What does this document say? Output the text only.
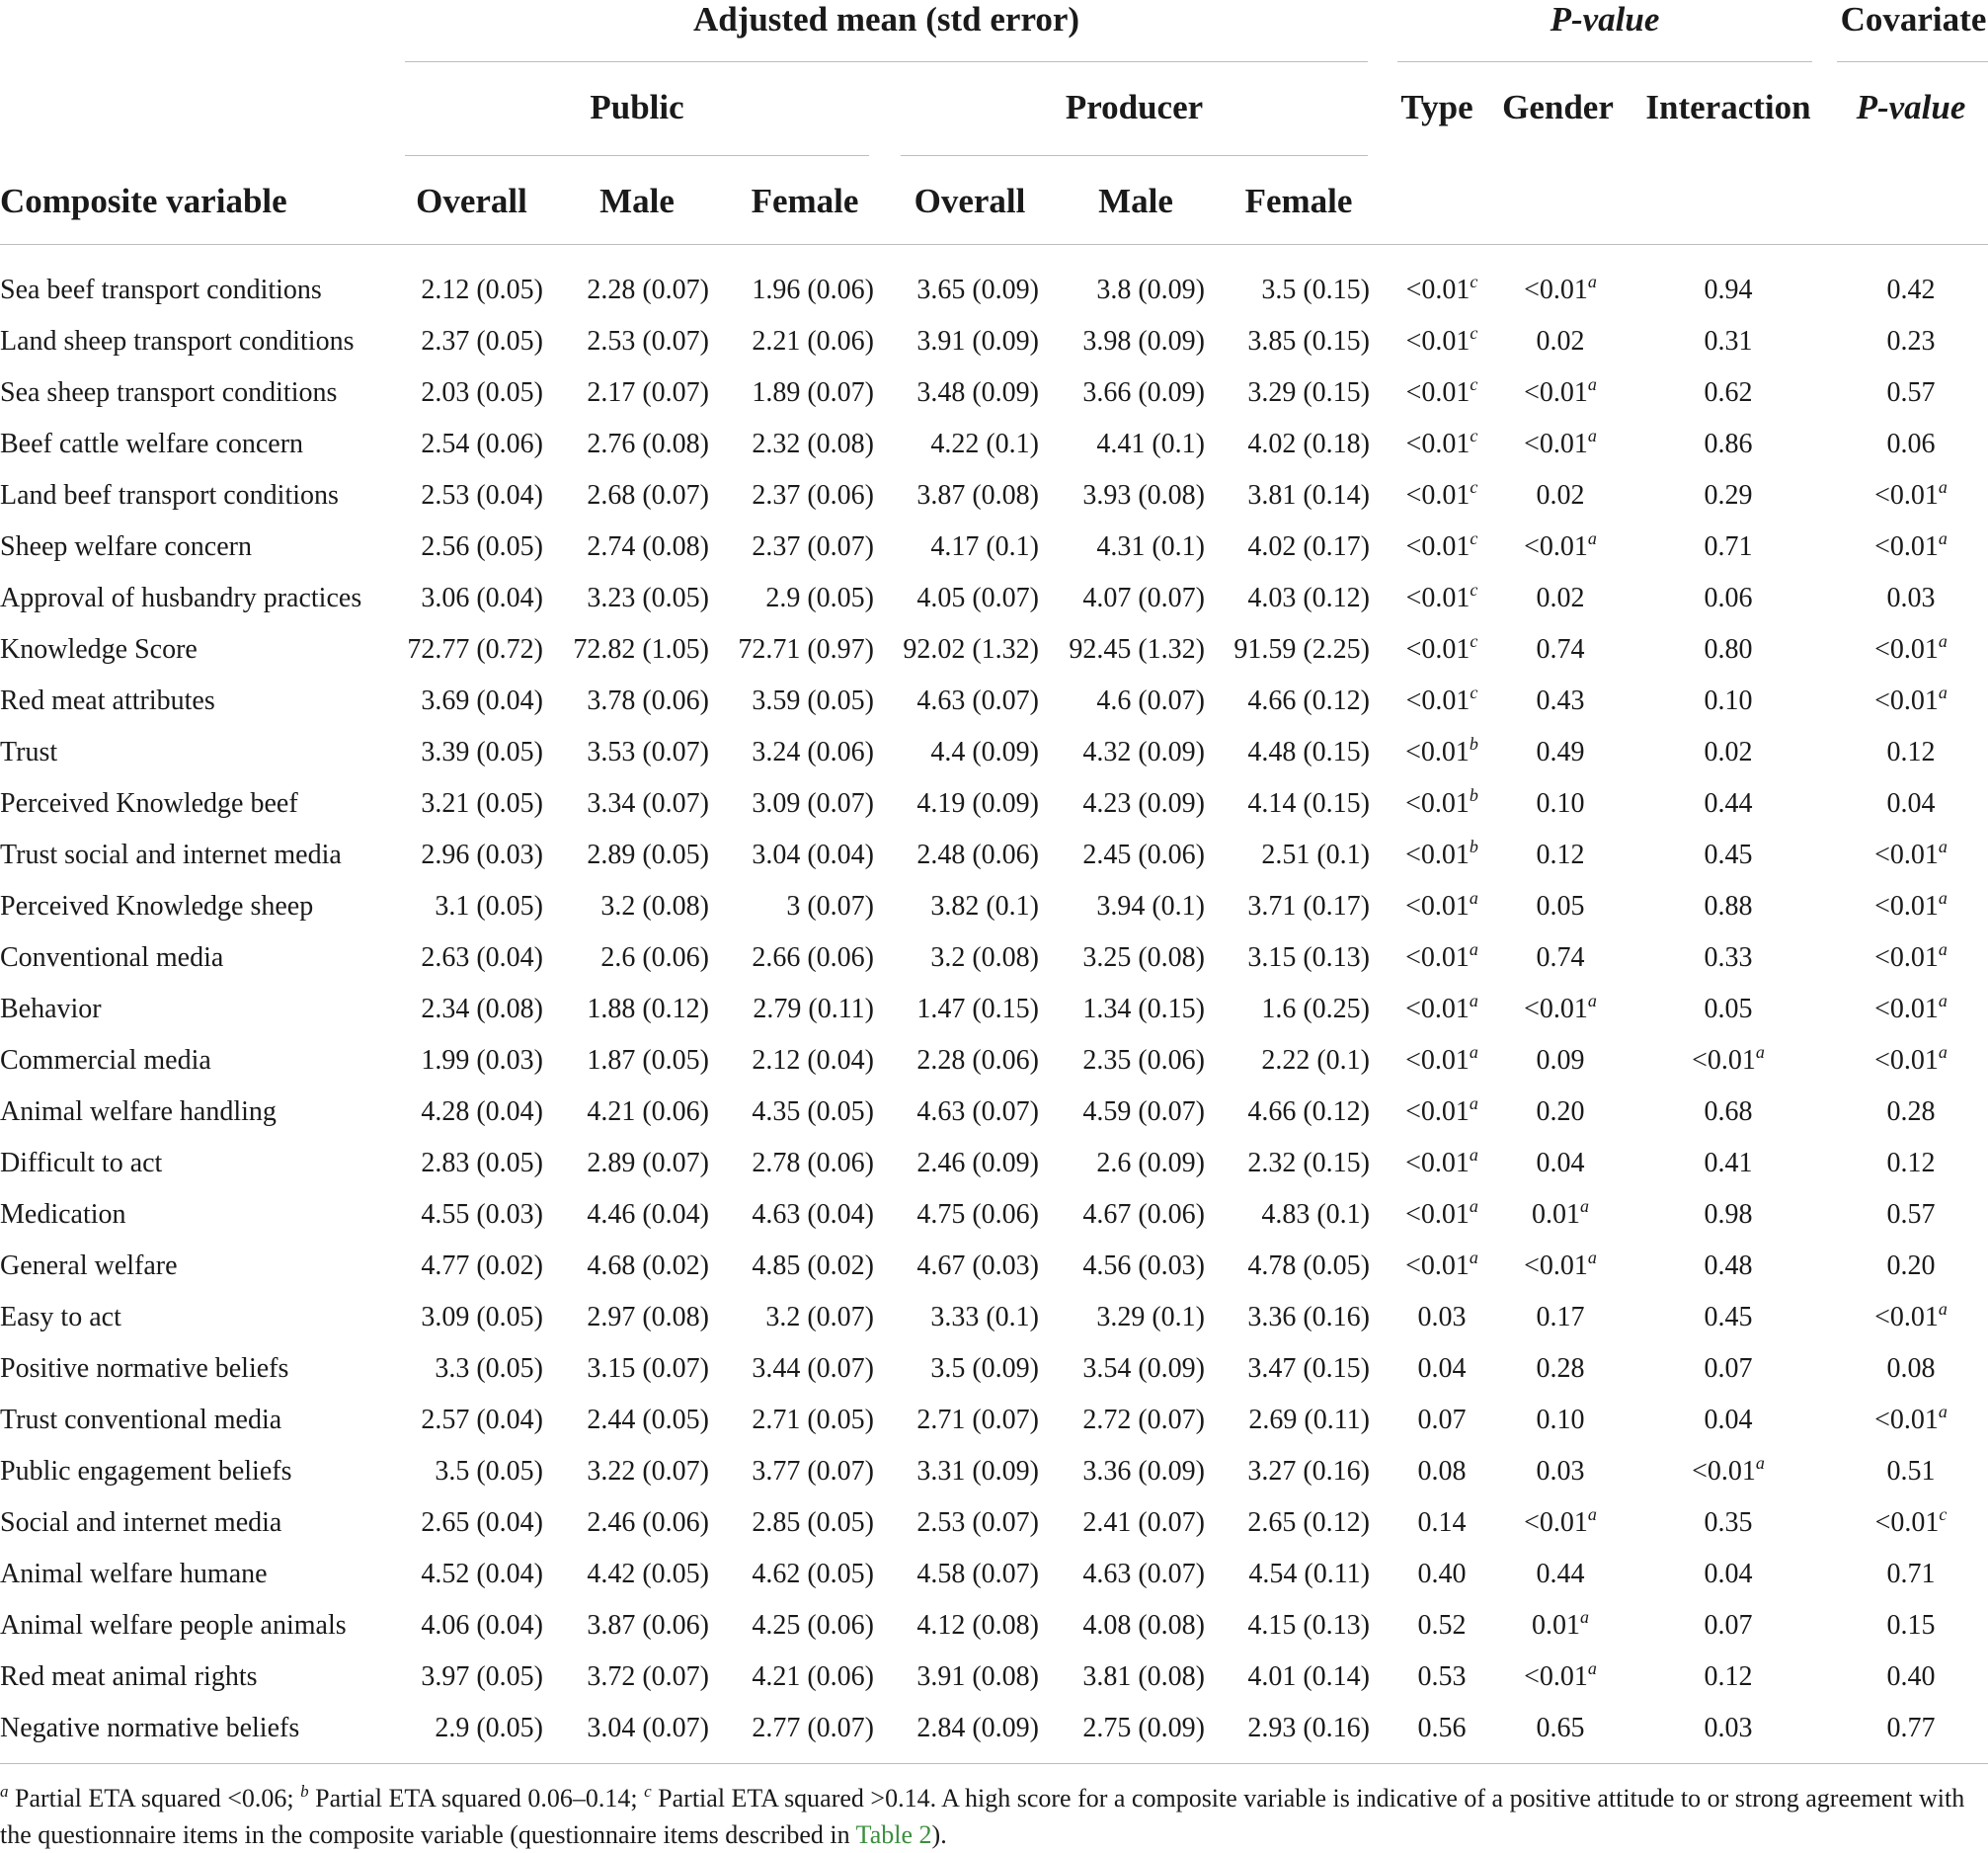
Adjusted mean (std error)	P-value	Covariate
Public	Producer	Type Gender Interaction	P-value
Composite variable	Overall	Male	Female	Overall	Male	Female
Sea beef transport conditions	2.12 (0.05)	2.28 (0.07)	1.96 (0.06)	3.65 (0.09)	3.8 (0.09)	3.5 (0.15)	<0.01$^c$	<0.01$^a$	0.94	0.42
Land sheep transport conditions	2.37 (0.05)	2.53 (0.07)	2.21 (0.06)	3.91 (0.09)	3.98 (0.09)	3.85 (0.15)	<0.01$^c$	0.02	0.31	0.23
Sea sheep transport conditions	2.03 (0.05)	2.17 (0.07)	1.89 (0.07)	3.48 (0.09)	3.66 (0.09)	3.29 (0.15)	<0.01$^c$	<0.01$^a$	0.62	0.57
Beef cattle welfare concern	2.54 (0.06)	2.76 (0.08)	2.32 (0.08)	4.22 (0.1)	4.41 (0.1)	4.02 (0.18)	<0.01$^c$	<0.01$^a$	0.86	0.06
Land beef transport conditions	2.53 (0.04)	2.68 (0.07)	2.37 (0.06)	3.87 (0.08)	3.93 (0.08)	3.81 (0.14)	<0.01$^c$	0.02	0.29	<0.01$^a$
Sheep welfare concern	2.56 (0.05)	2.74 (0.08)	2.37 (0.07)	4.17 (0.1)	4.31 (0.1)	4.02 (0.17)	<0.01$^c$	<0.01$^a$	0.71	<0.01$^a$
Approval of husbandry practices	3.06 (0.04)	3.23 (0.05)	2.9 (0.05)	4.05 (0.07)	4.07 (0.07)	4.03 (0.12)	<0.01$^c$	0.02	0.06	0.03
Knowledge Score	72.77 (0.72)	72.82 (1.05)	72.71 (0.97)	92.02 (1.32)	92.45 (1.32)	91.59 (2.25)	<0.01$^c$	0.74	0.80	<0.01$^a$
Red meat attributes	3.69 (0.04)	3.78 (0.06)	3.59 (0.05)	4.63 (0.07)	4.6 (0.07)	4.66 (0.12)	<0.01$^c$	0.43	0.10	<0.01$^a$
Trust	3.39 (0.05)	3.53 (0.07)	3.24 (0.06)	4.4 (0.09)	4.32 (0.09)	4.48 (0.15)	<0.01$^b$	0.49	0.02	0.12
Perceived Knowledge beef	3.21 (0.05)	3.34 (0.07)	3.09 (0.07)	4.19 (0.09)	4.23 (0.09)	4.14 (0.15)	<0.01$^b$	0.10	0.44	0.04
Trust social and internet media	2.96 (0.03)	2.89 (0.05)	3.04 (0.04)	2.48 (0.06)	2.45 (0.06)	2.51 (0.1)	<0.01$^b$	0.12	0.45	<0.01$^a$
Perceived Knowledge sheep	3.1 (0.05)	3.2 (0.08)	3 (0.07)	3.82 (0.1)	3.94 (0.1)	3.71 (0.17)	<0.01$^a$	0.05	0.88	<0.01$^a$
Conventional media	2.63 (0.04)	2.6 (0.06)	2.66 (0.06)	3.2 (0.08)	3.25 (0.08)	3.15 (0.13)	<0.01$^a$	0.74	0.33	<0.01$^a$
Behavior	2.34 (0.08)	1.88 (0.12)	2.79 (0.11)	1.47 (0.15)	1.34 (0.15)	1.6 (0.25)	<0.01$^a$	<0.01$^a$	0.05	<0.01$^a$
Commercial media	1.99 (0.03)	1.87 (0.05)	2.12 (0.04)	2.28 (0.06)	2.35 (0.06)	2.22 (0.1)	<0.01$^a$	0.09	<0.01$^a$	<0.01$^a$
Animal welfare handling	4.28 (0.04)	4.21 (0.06)	4.35 (0.05)	4.63 (0.07)	4.59 (0.07)	4.66 (0.12)	<0.01$^a$	0.20	0.68	0.28
Difficult to act	2.83 (0.05)	2.89 (0.07)	2.78 (0.06)	2.46 (0.09)	2.6 (0.09)	2.32 (0.15)	<0.01$^a$	0.04	0.41	0.12
Medication	4.55 (0.03)	4.46 (0.04)	4.63 (0.04)	4.75 (0.06)	4.67 (0.06)	4.83 (0.1)	<0.01$^a$	0.01$^a$	0.98	0.57
General welfare	4.77 (0.02)	4.68 (0.02)	4.85 (0.02)	4.67 (0.03)	4.56 (0.03)	4.78 (0.05)	<0.01$^a$	<0.01$^a$	0.48	0.20
Easy to act	3.09 (0.05)	2.97 (0.08)	3.2 (0.07)	3.33 (0.1)	3.29 (0.1)	3.36 (0.16)	0.03	0.17	0.45	<0.01$^a$
Positive normative beliefs	3.3 (0.05)	3.15 (0.07)	3.44 (0.07)	3.5 (0.09)	3.54 (0.09)	3.47 (0.15)	0.04	0.28	0.07	0.08
Trust conventional media	2.57 (0.04)	2.44 (0.05)	2.71 (0.05)	2.71 (0.07)	2.72 (0.07)	2.69 (0.11)	0.07	0.10	0.04	<0.01$^a$
Public engagement beliefs	3.5 (0.05)	3.22 (0.07)	3.77 (0.07)	3.31 (0.09)	3.36 (0.09)	3.27 (0.16)	0.08	0.03	<0.01$^a$	0.51
Social and internet media	2.65 (0.04)	2.46 (0.06)	2.85 (0.05)	2.53 (0.07)	2.41 (0.07)	2.65 (0.12)	0.14	<0.01$^a$	0.35	<0.01$^c$
Animal welfare humane	4.52 (0.04)	4.42 (0.05)	4.62 (0.05)	4.58 (0.07)	4.63 (0.07)	4.54 (0.11)	0.40	0.44	0.04	0.71
Animal welfare people animals	4.06 (0.04)	3.87 (0.06)	4.25 (0.06)	4.12 (0.08)	4.08 (0.08)	4.15 (0.13)	0.52	0.01$^a$	0.07	0.15
Red meat animal rights	3.97 (0.05)	3.72 (0.07)	4.21 (0.06)	3.91 (0.08)	3.81 (0.08)	4.01 (0.14)	0.53	<0.01$^a$	0.12	0.40
Negative normative beliefs	2.9 (0.05)	3.04 (0.07)	2.77 (0.07)	2.84 (0.09)	2.75 (0.09)	2.93 (0.16)	0.56	0.65	0.03	0.77
$^a$ Partial ETA squared <0.06; $^b$ Partial ETA squared 0.06–0.14; $^c$ Partial ETA squared >0.14. A high score for a composite variable is indicative of a positive attitude to or strong agreement with the questionnaire items in the composite variable (questionnaire items described in Table 2).
